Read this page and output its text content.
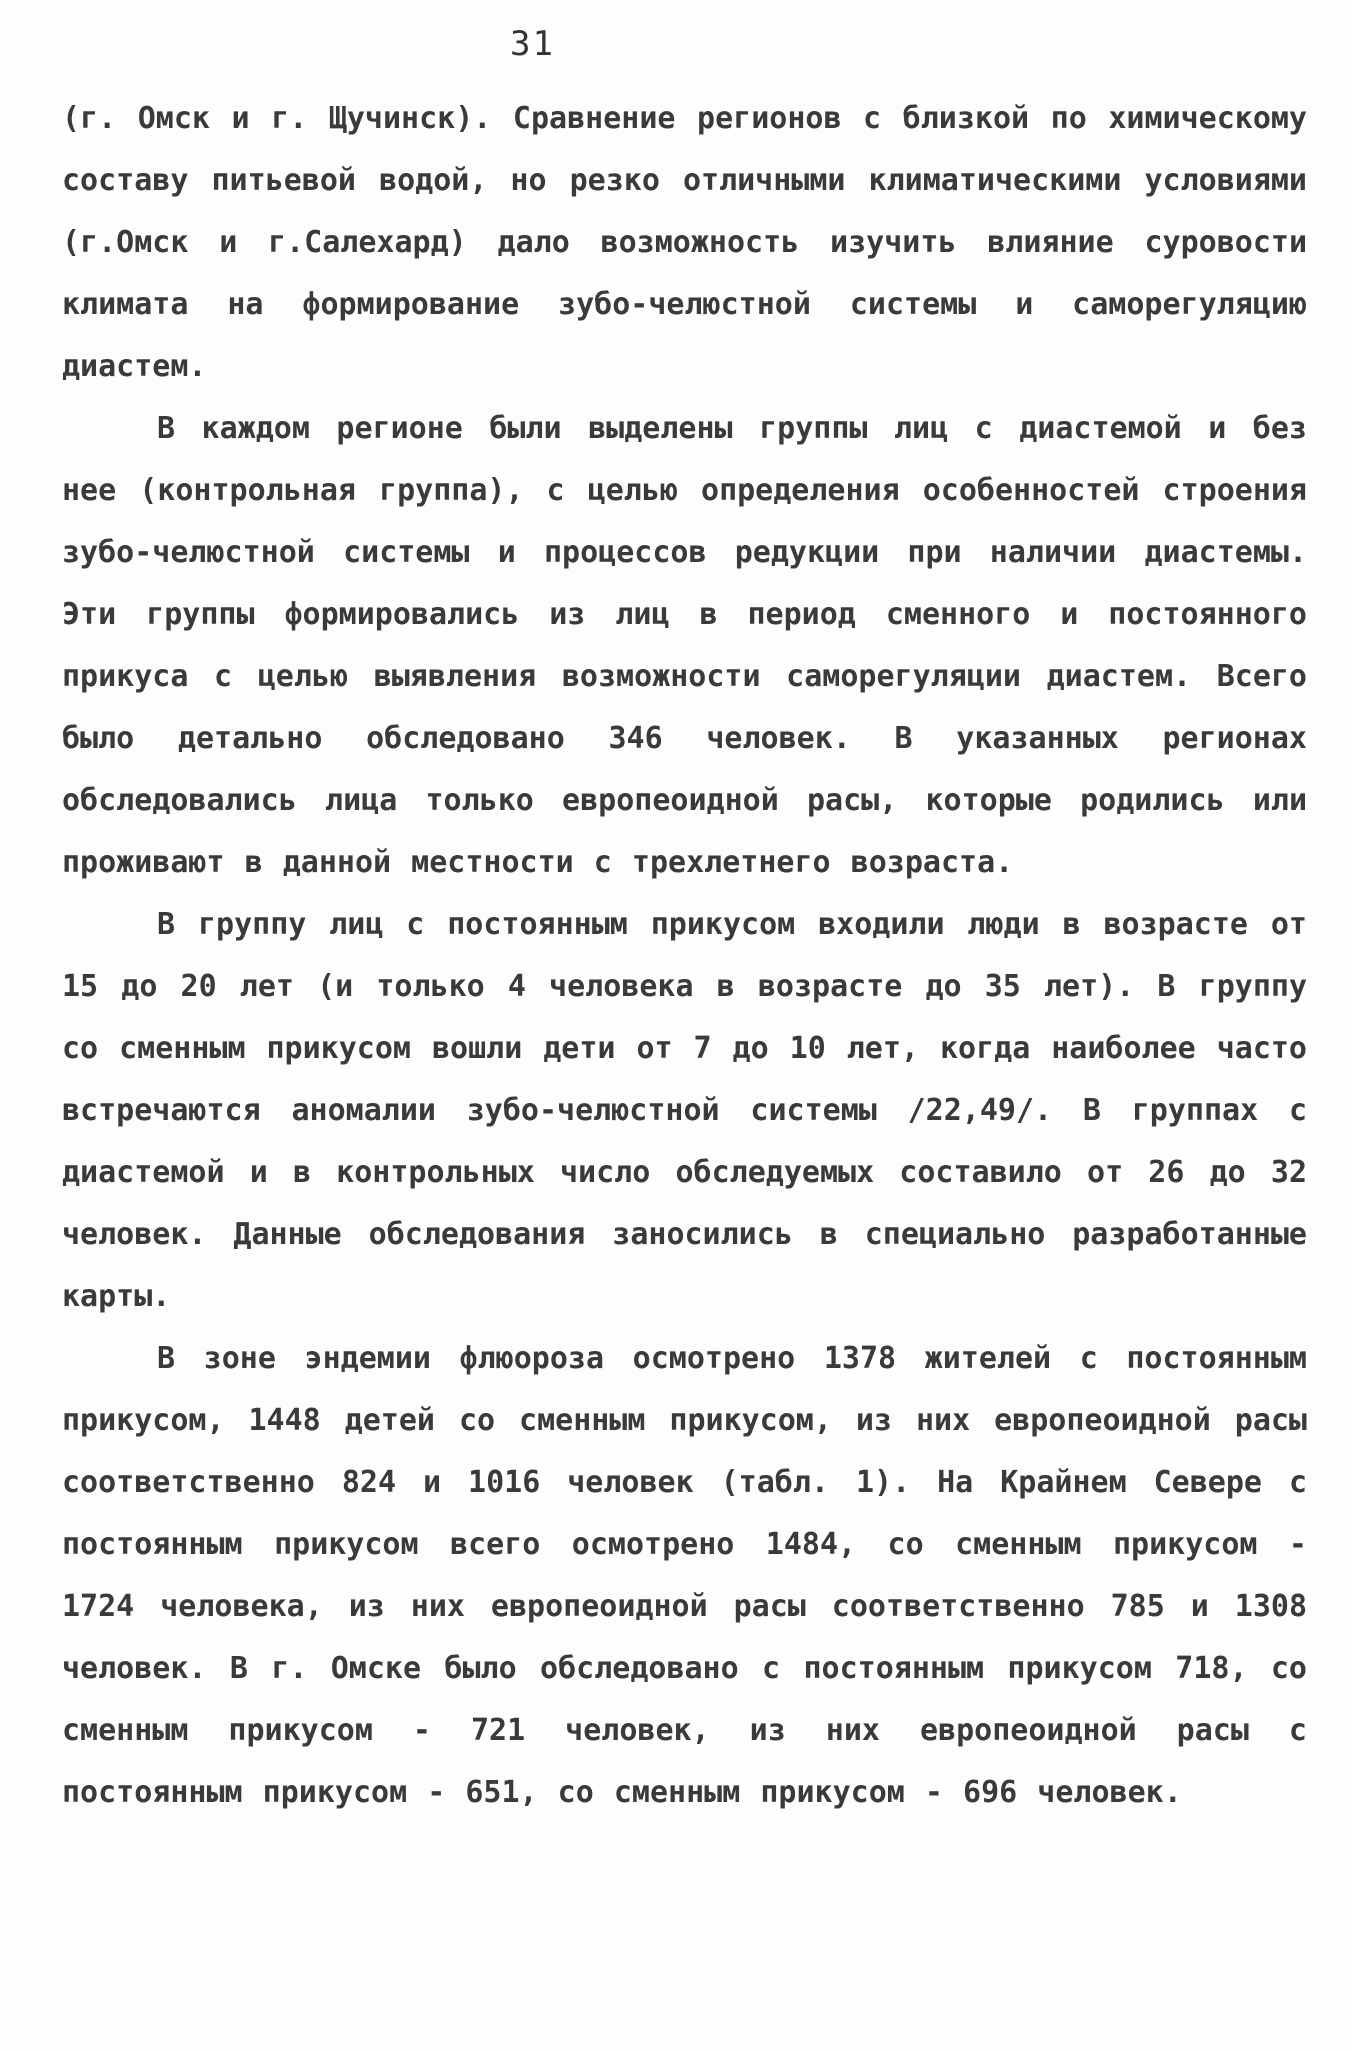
31

(г. Омск и г. Щучинск). Сравнение регионов с близкой по химическому составу питьевой водой, но резко отличными климатическими условиями (г.Омск и г.Салехард) дало возможность изучить влияние суровости климата на формирование зубо-челюстной системы и саморегуляцию диастем.

В каждом регионе были выделены группы лиц с диастемой и без нее (контрольная группа), с целью определения особенностей строения зубо-челюстной системы и процессов редукции при наличии диастемы. Эти группы формировались из лиц в период сменного и постоянного прикуса с целью выявления возможности саморегуляции диастем. Всего было детально обследовано 346 человек. В указанных регионах обследовались лица только европеоидной расы, которые родились или проживают в данной местности с трехлетнего возраста.

В группу лиц с постоянным прикусом входили люди в возрасте от 15 до 20 лет (и только 4 человека в возрасте до 35 лет). В группу со сменным прикусом вошли дети от 7 до 10 лет, когда наиболее часто встречаются аномалии зубо-челюстной системы /22,49/. В группах с диастемой и в контрольных число обследуемых составило от 26 до 32 человек. Данные обследования заносились в специально разработанные карты.

В зоне эндемии флюороза осмотрено 1378 жителей с постоянным прикусом, 1448 детей со сменным прикусом, из них европеоидной расы соответственно 824 и 1016 человек (табл. 1). На Крайнем Севере с постоянным прикусом всего осмотрено 1484, со сменным прикусом - 1724 человека, из них европеоидной расы соответственно 785 и 1308 человек. В г. Омске было обследовано с постоянным прикусом 718, со сменным прикусом - 721 человек, из них европеоидной расы с постоянным прикусом - 651, со сменным прикусом - 696 человек.
